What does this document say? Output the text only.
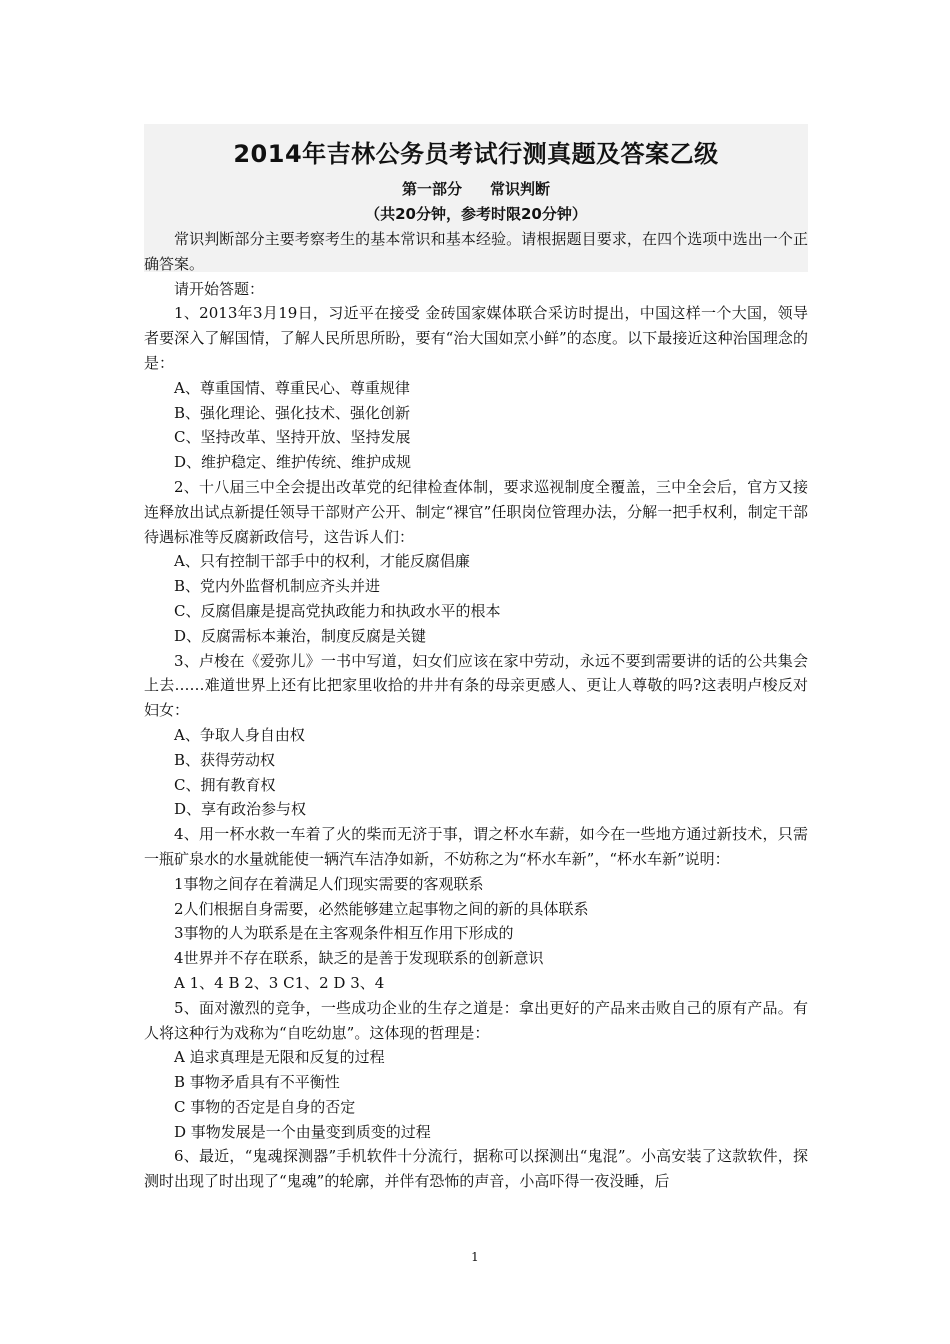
2014年吉林公务员考试行测真题及答案乙级
第一部分 常识判断
（共20分钟，参考时限20分钟）

常识判断部分主要考察考生的基本常识和基本经验。请根据题目要求，在四个选项中选出一个正确答案。

请开始答题：

1、2013年3月19日，习近平在接受 金砖国家媒体联合采访时提出，中国这样一个大国，领导者要深入了解国情，了解人民所思所盼，要有“治大国如烹小鲜”的态度。以下最接近这种治国理念的是：

A、尊重国情、尊重民心、尊重规律

B、强化理论、强化技术、强化创新

C、坚持改革、坚持开放、坚持发展

D、维护稳定、维护传统、维护成规

2、十八届三中全会提出改革党的纪律检查体制，要求巡视制度全覆盖，三中全会后，官方又接连释放出试点新提任领导干部财产公开、制定“裸官”任职岗位管理办法，分解一把手权利，制定干部待遇标准等反腐新政信号，这告诉人们：

A、只有控制干部手中的权利，才能反腐倡廉

B、党内外监督机制应齐头并进

C、反腐倡廉是提高党执政能力和执政水平的根本

D、反腐需标本兼治，制度反腐是关键

3、卢梭在《爱弥儿》一书中写道，妇女们应该在家中劳动，永远不要到需要讲的话的公共集会上去……难道世界上还有比把家里收拾的井井有条的母亲更感人、更让人尊敬的吗?这表明卢梭反对妇女：

A、争取人身自由权

B、获得劳动权

C、拥有教育权

D、享有政治参与权

4、用一杯水救一车着了火的柴而无济于事，谓之杯水车薪，如今在一些地方通过新技术，只需一瓶矿泉水的水量就能使一辆汽车洁净如新，不妨称之为“杯水车新”，“杯水车新”说明：

1事物之间存在着满足人们现实需要的客观联系

2人们根据自身需要，必然能够建立起事物之间的新的具体联系

3事物的人为联系是在主客观条件相互作用下形成的

4世界并不存在联系，缺乏的是善于发现联系的创新意识

A 1、4 B 2、3 C1、2 D 3、4

5、面对激烈的竞争，一些成功企业的生存之道是：拿出更好的产品来击败自己的原有产品。有人将这种行为戏称为“自吃幼崽”。这体现的哲理是：

A 追求真理是无限和反复的过程

B 事物矛盾具有不平衡性

C 事物的否定是自身的否定

D 事物发展是一个由量变到质变的过程

6、最近，“鬼魂探测器”手机软件十分流行，据称可以探测出“鬼混”。小高安装了这款软件，探测时出现了时出现了“鬼魂”的轮廓，并伴有恐怖的声音，小高吓得一夜没睡，后

1
